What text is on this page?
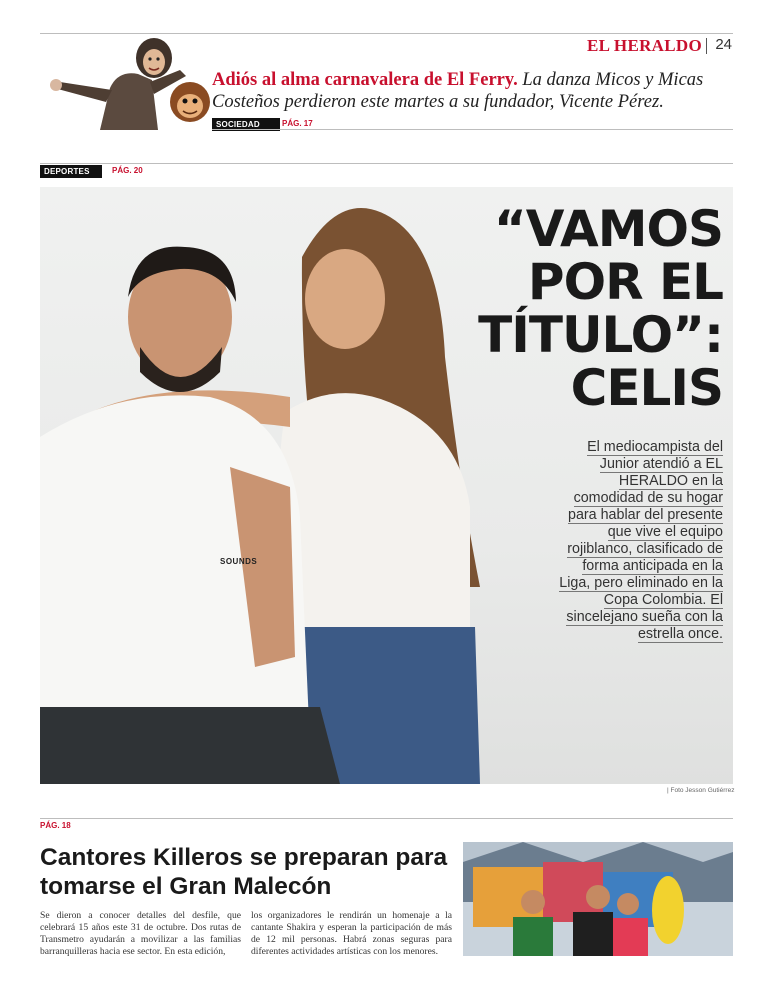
EL HERALDO 24
Adiós al alma carnavalera de El Ferry. La danza Micos y Micas Costeños perdieron este martes a su fundador, Vicente Pérez.
SOCIEDAD	PÁG. 17
DEPORTES	PÁG. 20
SOUNDS
“VAMOS
POR EL
TÍTULO”:
CELIS
El mediocampista del Junior atendió a EL HERALDO en la comodidad de su hogar para hablar del presente que vive el equipo rojiblanco, clasificado de forma anticipada en la Liga, pero eliminado en la Copa Colombia. El sincelejano sueña con la estrella once.
| Foto Jesson Gutiérrez
PÁG. 18
Cantores Killeros se preparan para tomarse el Gran Malecón
Se dieron a conocer detalles del desfile, que celebrará 15 años este 31 de octubre. Dos rutas de Transmetro ayudarán a movilizar a las familias barranquilleras hacia ese sector. En esta edición,
los organizadores le rendirán un homenaje a la cantante Shakira y esperan la participación de más de 12 mil personas. Habrá zonas seguras para diferentes actividades artísticas con los menores.
